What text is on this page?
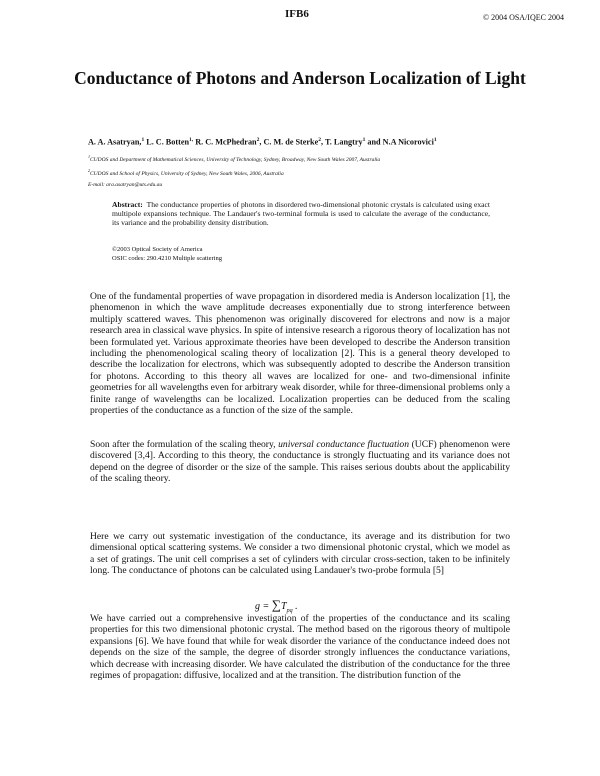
IFB6	© 2004 OSA/IQEC 2004
Conductance of Photons and Anderson Localization of Light
A. A. Asatryan,$^1$ L. C. Botten$^{1,}$ R. C. McPhedran$^2$, C. M. de Sterke$^2$, T. Langtry$^1$ and N.A Nicorovici$^1$
$^1$CUDOS and Department of Mathematical Sciences, University of Technology, Sydney, Broadway, New South Wales 2007, Australia
$^2$CUDOS and School of Physics, University of Sydney, New South Wales, 2006, Australia
E-mail: ara.asatryan@uts.edu.au
Abstract: The conductance properties of photons in disordered two-dimensional photonic crystals is calculated using exact multipole expansions technique. The Landauer's two-terminal formula is used to calculate the average of the conductance, its variance and the probability density distribution.
©2003 Optical Society of America
OSIC codes: 290.4210 Multiple scattering
One of the fundamental properties of wave propagation in disordered media is Anderson localization [1], the phenomenon in which the wave amplitude decreases exponentially due to strong interference between multiply scattered waves. This phenomenon was originally discovered for electrons and now is a major research area in classical wave physics. In spite of intensive research a rigorous theory of localization has not been formulated yet. Various approximate theories have been developed to describe the Anderson transition including the phenomenological scaling theory of localization [2]. This is a general theory developed to describe the localization for electrons, which was subsequently adopted to describe the Anderson transition for photons. According to this theory all waves are localized for one- and two-dimensional infinite geometries for all wavelengths even for arbitrary weak disorder, while for three-dimensional problems only a finite range of wavelengths can be localized. Localization properties can be deduced from the scaling properties of the conductance as a function of the size of the sample.
Soon after the formulation of the scaling theory, universal conductance fluctuation (UCF) phenomenon were discovered [3,4]. According to this theory, the conductance is strongly fluctuating and its variance does not depend on the degree of disorder or the size of the sample. This raises serious doubts about the applicability of the scaling theory.
Here we carry out systematic investigation of the conductance, its average and its distribution for two dimensional optical scattering systems. We consider a two dimensional photonic crystal, which we model as a set of gratings. The unit cell comprises a set of cylinders with circular cross-section, taken to be infinitely long. The conductance of photons can be calculated using Landauer's two-probe formula [5]
$g = \sum T_{pq}$ .
We have carried out a comprehensive investigation of the properties of the conductance and its scaling properties for this two dimensional photonic crystal. The method based on the rigorous theory of multipole expansions [6]. We have found that while for weak disorder the variance of the conductance indeed does not depends on the size of the sample, the degree of disorder strongly influences the conductance variations, which decrease with increasing disorder. We have calculated the distribution of the conductance for the three regimes of propagation: diffusive, localized and at the transition. The distribution function of the
